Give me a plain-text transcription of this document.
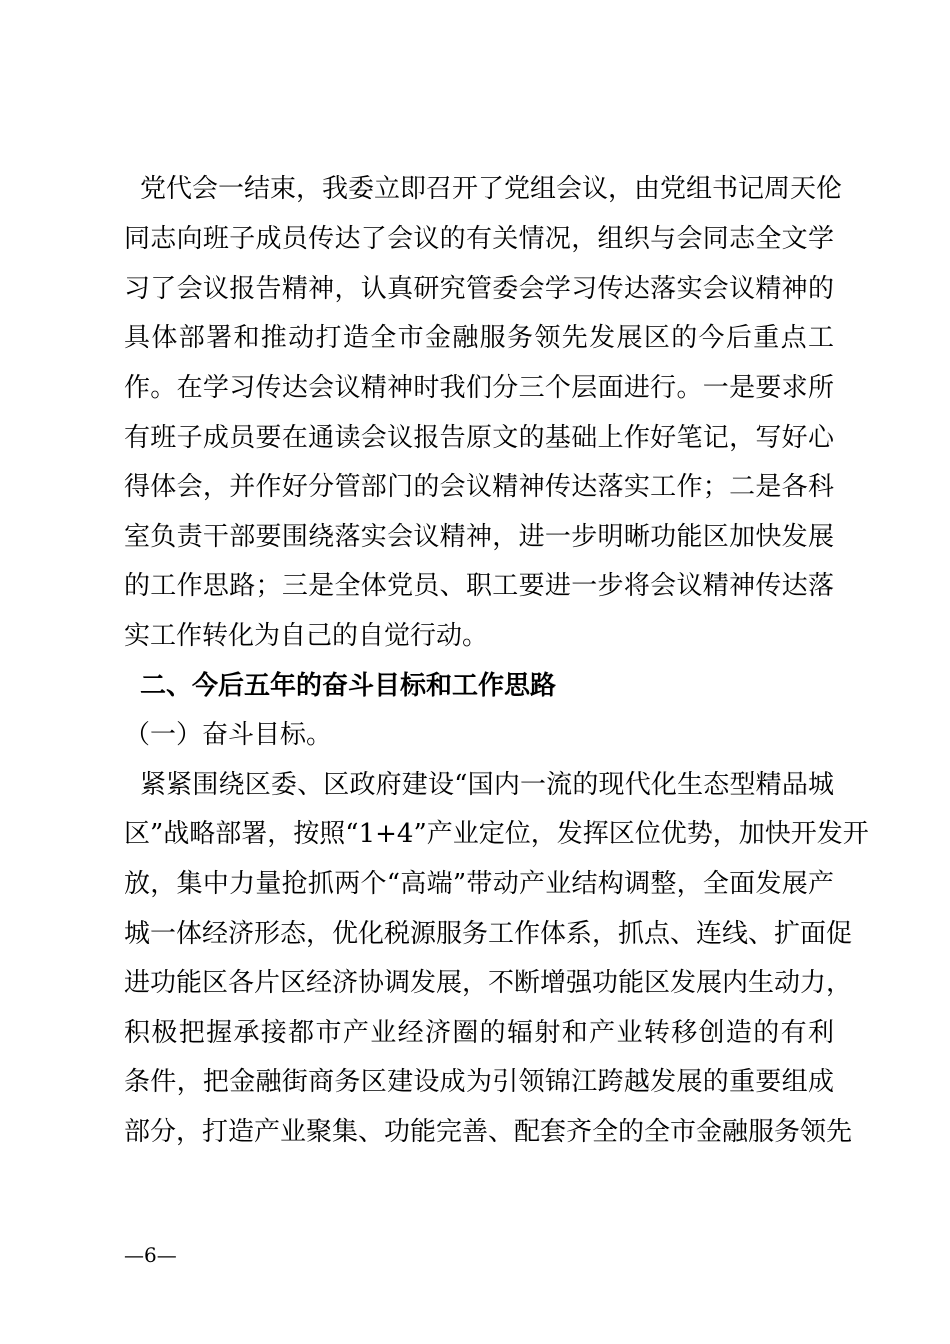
党代会一结束，我委立即召开了党组会议，由党组书记周天伦
同志向班子成员传达了会议的有关情况，组织与会同志全文学
习了会议报告精神，认真研究管委会学习传达落实会议精神的
具体部署和推动打造全市金融服务领先发展区的今后重点工
作。在学习传达会议精神时我们分三个层面进行。一是要求所
有班子成员要在通读会议报告原文的基础上作好笔记，写好心
得体会，并作好分管部门的会议精神传达落实工作；二是各科
室负责干部要围绕落实会议精神，进一步明晰功能区加快发展
的工作思路；三是全体党员、职工要进一步将会议精神传达落
实工作转化为自己的自觉行动。
二、今后五年的奋斗目标和工作思路
（一）奋斗目标。
紧紧围绕区委、区政府建设“国内一流的现代化生态型精品城
区”战略部署，按照“1+4”产业定位，发挥区位优势，加快开发开
放，集中力量抢抓两个“高端”带动产业结构调整，全面发展产
城一体经济形态，优化税源服务工作体系，抓点、连线、扩面促
进功能区各片区经济协调发展，不断增强功能区发展内生动力，
积极把握承接都市产业经济圈的辐射和产业转移创造的有利
条件，把金融街商务区建设成为引领锦江跨越发展的重要组成
部分，打造产业聚集、功能完善、配套齐全的全市金融服务领先
—6—
